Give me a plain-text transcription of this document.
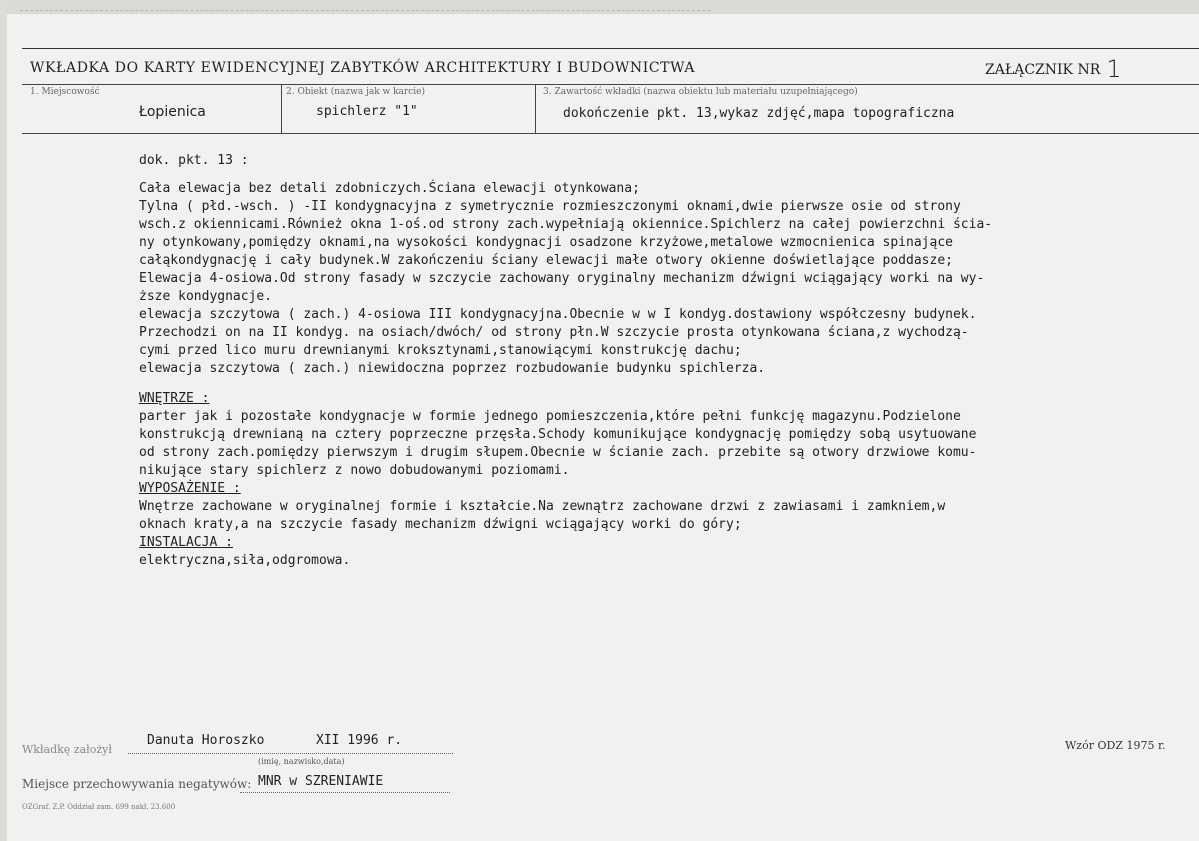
WKŁADKA DO KARTY EWIDENCYJNEJ ZABYTKÓW ARCHITEKTURY I BUDOWNICTWA	ZAŁĄCZNIK NR 1
1. Miejscowość
Łopienica
2. Obiekt (nazwa jak w karcie)
spichlerz "1"
3. Zawartość wkładki (nazwa obiektu lub materiału uzupełniającego)
dokończenie pkt. 13,wykaz zdjęć,mapa topograficzna
dok. pkt. 13 :
Cała elewacja bez detali zdobniczych.Ściana elewacji otynkowana;
Tylna ( płd.-wsch. ) -II kondygnacyjna z symetrycznie rozmieszczonymi oknami,dwie pierwsze osie od strony
wsch.z okiennicami.Również okna 1-oś.od strony zach.wypełniają okiennice.Spichlerz na całej powierzchni ścia-
ny otynkowany,pomiędzy oknami,na wysokości kondygnacji osadzone krzyżowe,metalowe wzmocnienica spinające
całąkondygnację i cały budynek.W zakończeniu ściany elewacji małe otwory okienne doświetlające poddasze;
Elewacja 4-osiowa.Od strony fasady w szczycie zachowany oryginalny mechanizm dźwigni wciągający worki na wy-
ższe kondygnacje.
elewacja szczytowa ( zach.) 4-osiowa III kondygnacyjna.Obecnie w w I kondyg.dostawiony współczesny budynek.
Przechodzi on na II kondyg. na osiach/dwóch/ od strony płn.W szczycie prosta otynkowana ściana,z wychodzą-
cymi przed lico muru drewnianymi kroksztynami,stanowiącymi konstrukcję dachu;
elewacja szczytowa ( zach.) niewidoczna poprzez rozbudowanie budynku spichlerza.
WNĘTRZE :
parter jak i pozostałe kondygnacje w formie jednego pomieszczenia,które pełni funkcję magazynu.Podzielone
konstrukcją drewnianą na cztery poprzeczne przęsła.Schody komunikujące kondygnację pomiędzy sobą usytuowane
od strony zach.pomiędzy pierwszym i drugim słupem.Obecnie w ścianie zach. przebite są otwory drzwiowe komu-
nikujące stary spichlerz z nowo dobudowanymi poziomami.
WYPOSAŻENIE :
Wnętrze zachowane w oryginalnej formie i kształcie.Na zewnątrz zachowane drzwi z zawiasami i zamkniem,w
oknach kraty,a na szczycie fasady mechanizm dźwigni wciągający worki do góry;
INSTALACJA :
elektryczna,siła,odgromowa.
Wkładkę założył
Danuta Horoszko	XII 1996 r.
(imię, nazwisko,data)
Wzór ODZ 1975 r.
Miejsce przechowywania negatywów: MNR w SZRENIAWIE
OZGraf. Z.P. Oddział zam. 699 nakł. 23.600
